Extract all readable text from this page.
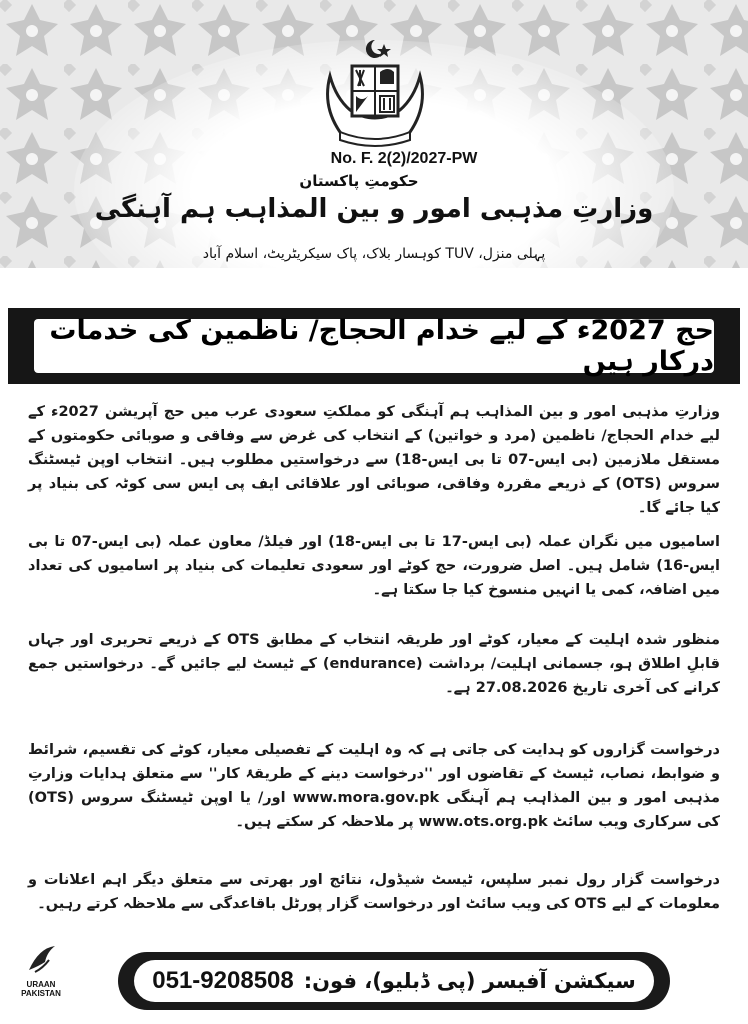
No. F. 2(2)/2027-PW
حکومتِ پاکستان
وزارتِ مذہبی امور و بین المذاہب ہم آہنگی
پہلی منزل، TUV کوہسار بلاک، پاک سیکریٹریٹ، اسلام آباد
حج 2027ء کے لیے خدام الحجاج/ ناظمین کی خدمات درکار ہیں

وزارتِ مذہبی امور و بین المذاہب ہم آہنگی کو مملکتِ سعودی عرب میں حج آپریشن 2027ء کے لیے خدام الحجاج/ ناظمین (مرد و خواتین) کے انتخاب کی غرض سے وفاقی و صوبائی حکومتوں کے مستقل ملازمین (بی ایس-07 تا بی ایس-18) سے درخواستیں مطلوب ہیں۔ انتخاب اوپن ٹیسٹنگ سروس (OTS) کے ذریعے مقررہ وفاقی، صوبائی اور علاقائی ایف پی ایس سی کوٹہ کی بنیاد پر کیا جائے گا۔

اسامیوں میں نگران عملہ (بی ایس-17 تا بی ایس-18) اور فیلڈ/ معاون عملہ (بی ایس-07 تا بی ایس-16) شامل ہیں۔ اصل ضرورت، حج کوٹے اور سعودی تعلیمات کی بنیاد پر اسامیوں کی تعداد میں اضافہ، کمی یا انہیں منسوخ کیا جا سکتا ہے۔

منظور شدہ اہلیت کے معیار، کوٹے اور طریقہ انتخاب کے مطابق OTS کے ذریعے تحریری اور جہاں قابلِ اطلاق ہو، جسمانی اہلیت/ برداشت (endurance) کے ٹیسٹ لیے جائیں گے۔ درخواستیں جمع کرانے کی آخری تاریخ 27.08.2026 ہے۔

درخواست گزاروں کو ہدایت کی جاتی ہے کہ وہ اہلیت کے تفصیلی معیار، کوٹے کی تقسیم، شرائط و ضوابط، نصاب، ٹیسٹ کے تقاضوں اور ''درخواست دینے کے طریقۂ کار'' سے متعلق ہدایات وزارتِ مذہبی امور و بین المذاہب ہم آہنگی www.mora.gov.pk اور/ یا اوپن ٹیسٹنگ سروس (OTS) کی سرکاری ویب سائٹ www.ots.org.pk پر ملاحظہ کر سکتے ہیں۔

درخواست گزار رول نمبر سلپس، ٹیسٹ شیڈول، نتائج اور بھرتی سے متعلق دیگر اہم اعلانات و معلومات کے لیے OTS کی ویب سائٹ اور درخواست گزار پورٹل باقاعدگی سے ملاحظہ کرتے رہیں۔

URAAN
PAKISTAN
سیکشن آفیسر (پی ڈبلیو)، فون:
051-9208508
